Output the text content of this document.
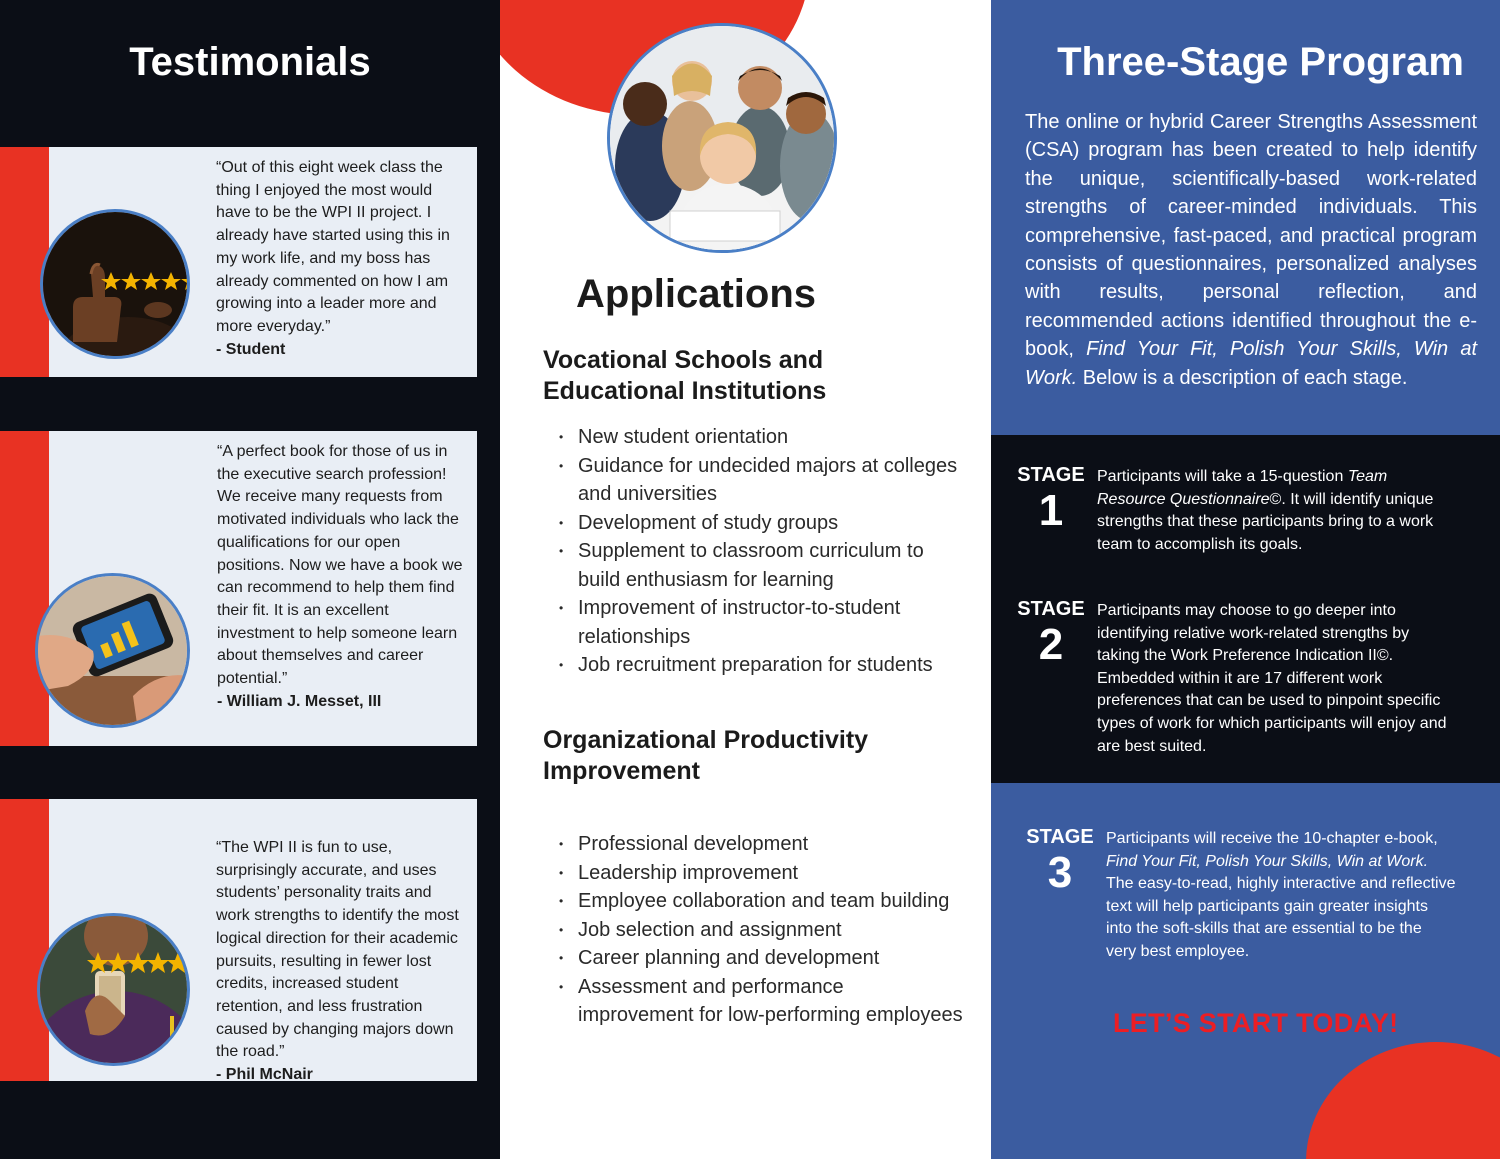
Testimonials
“Out of this eight week class the thing I enjoyed the most would have to be the WPI II project. I already have started using this in my work life, and my boss has already commented on how I am growing into a leader more and more everyday.”
- Student
“A perfect book for those of us in the executive search profession! We receive many requests from motivated individuals who lack the qualifications for our open positions. Now we have a book we can recommend to help them find their fit. It is an excellent investment to help someone learn about themselves and career potential.”
- William J. Messet, III
“The WPI II is fun to use, surprisingly accurate, and uses students’ personality traits and work strengths to identify the most logical direction for their academic pursuits, resulting in fewer lost credits, increased student retention, and less frustration caused by changing majors down the road.”
- Phil McNair
Applications
Vocational Schools and Educational Institutions
• New student orientation
• Guidance for undecided majors at colleges and universities
• Development of study groups
• Supplement to classroom curriculum to build enthusiasm for learning
• Improvement of instructor-to-student relationships
• Job recruitment preparation for students
Organizational Productivity Improvement
• Professional development
• Leadership improvement
• Employee collaboration and team building
• Job selection and assignment
• Career planning and development
• Assessment and performance improvement for low-performing employees
Three-Stage Program
The online or hybrid Career Strengths Assessment (CSA) program has been created to help identify the unique, scientifically-based work-related strengths of career-minded individuals. This comprehensive, fast-paced, and practical program consists of questionnaires, personalized analyses with results, personal reflection, and recommended actions identified throughout the e-book, Find Your Fit, Polish Your Skills, Win at Work. Below is a description of each stage.
STAGE
1
Participants will take a 15-question Team Resource Questionnaire©. It will identify unique strengths that these participants bring to a work team to accomplish its goals.
STAGE
2
Participants may choose to go deeper into identifying relative work-related strengths by taking the Work Preference Indication II©. Embedded within it are 17 different work preferences that can be used to pinpoint specific types of work for which participants will enjoy and are best suited.
STAGE
3
Participants will receive the 10-chapter e-book, Find Your Fit, Polish Your Skills, Win at Work. The easy-to-read, highly interactive and reflective text will help participants gain greater insights into the soft-skills that are essential to be the very best employee.
LET’S START TODAY!
